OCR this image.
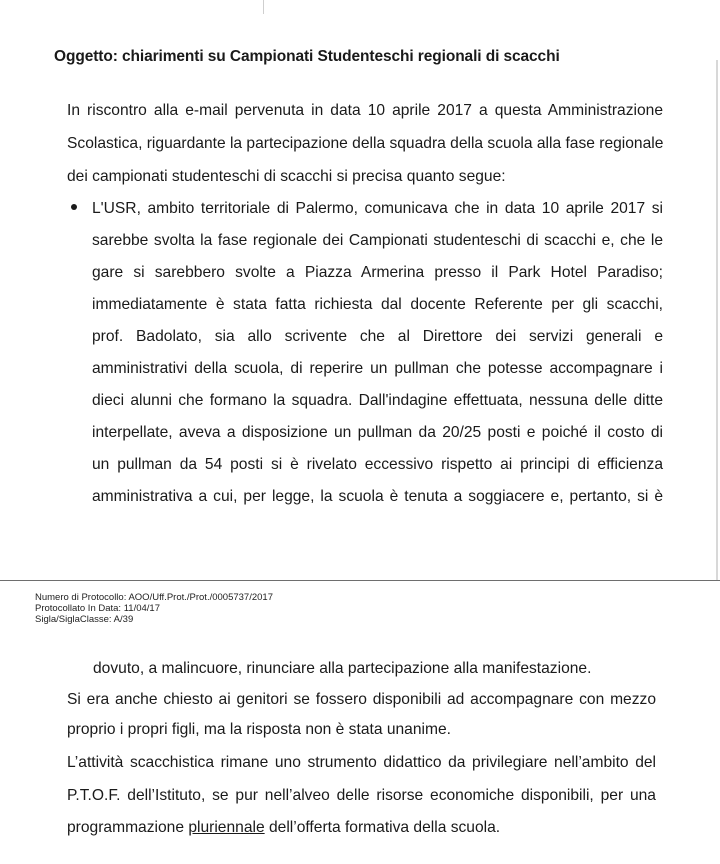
Oggetto: chiarimenti su Campionati Studenteschi regionali di scacchi
In riscontro alla e-mail pervenuta in data 10 aprile 2017 a questa Amministrazione
Scolastica, riguardante la partecipazione della squadra della scuola alla fase regionale
dei campionati studenteschi di scacchi si precisa quanto segue:
L'USR, ambito territoriale di Palermo, comunicava che in data 10 aprile 2017 si
sarebbe svolta la fase regionale dei Campionati studenteschi di scacchi e, che le
gare si sarebbero svolte a Piazza Armerina presso il Park Hotel Paradiso;
immediatamente è stata fatta richiesta dal docente Referente per gli scacchi,
prof. Badolato, sia allo scrivente che al Direttore dei servizi generali e
amministrativi della scuola, di reperire un pullman che potesse accompagnare i
dieci alunni che formano la squadra. Dall'indagine effettuata, nessuna delle ditte
interpellate, aveva a disposizione un pullman da 20/25 posti e poiché il costo di
un pullman da 54 posti si è rivelato eccessivo rispetto ai principi di efficienza
amministrativa a cui, per legge, la scuola è tenuta a soggiacere e, pertanto, si è
Numero di Protocollo: AOO/Uff.Prot./Prot./0005737/2017
Protocollato In Data: 11/04/17
Sigla/SiglaClasse: A/39
dovuto, a malincuore, rinunciare alla partecipazione alla manifestazione.
Si era anche chiesto ai genitori se fossero disponibili ad accompagnare con mezzo
proprio i propri figli, ma la risposta non è stata unanime.
L’attività scacchistica rimane uno strumento didattico da privilegiare nell’ambito del
P.T.O.F. dell’Istituto, se pur nell’alveo delle risorse economiche disponibili, per una
programmazione pluriennale dell’offerta formativa della scuola.
